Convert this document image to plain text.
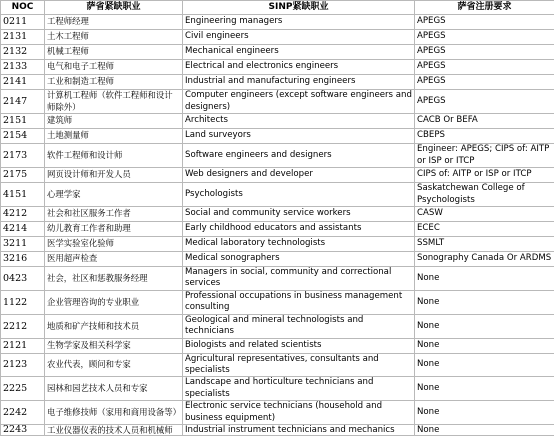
NOC	萨省紧缺职业	SINP紧缺职业	萨省注册要求
0211	工程师经理	Engineering managers	APEGS
2131	土木工程师	Civil engineers	APEGS
2132	机械工程师	Mechanical engineers	APEGS
2133	电气和电子工程师	Electrical and electronics engineers	APEGS
2141	工业和制造工程师	Industrial and manufacturing engineers	APEGS
2147	计算机工程师（软件工程师和设计师除外）	Computer engineers (except software engineers and designers)	APEGS
2151	建筑师	Architects	CACB Or BEFA
2154	土地测量师	Land surveyors	CBEPS
2173	软件工程师和设计师	Software engineers and designers	Engineer: APEGS; CIPS of: AITP or ISP or ITCP
2175	网页设计师和开发人员	Web designers and developer	CIPS of: AITP or ISP or ITCP
4151	心理学家	Psychologists	Saskatchewan College of Psychologists
4212	社会和社区服务工作者	Social and community service workers	CASW
4214	幼儿教育工作者和助理	Early childhood educators and assistants	ECEC
3211	医学实验室化验师	Medical laboratory technologists	SSMLT
3216	医用超声检查	Medical sonographers	Sonography Canada Or ARDMS
0423	社会，社区和惩教服务经理	Managers in social, community and correctional services	None
1122	企业管理咨询的专业职业	Professional occupations in business management consulting	None
2212	地质和矿产技师和技术员	Geological and mineral technologists and technicians	None
2121	生物学家及相关科学家	Biologists and related scientists	None
2123	农业代表，顾问和专家	Agricultural representatives, consultants and specialists	None
2225	园林和园艺技术人员和专家	Landscape and horticulture technicians and specialists	None
2242	电子维修技师（家用和商用设备等）	Electronic service technicians (household and business equipment)	None
2243	工业仪器仪表的技术人员和机械师	Industrial instrument technicians and mechanics	None
